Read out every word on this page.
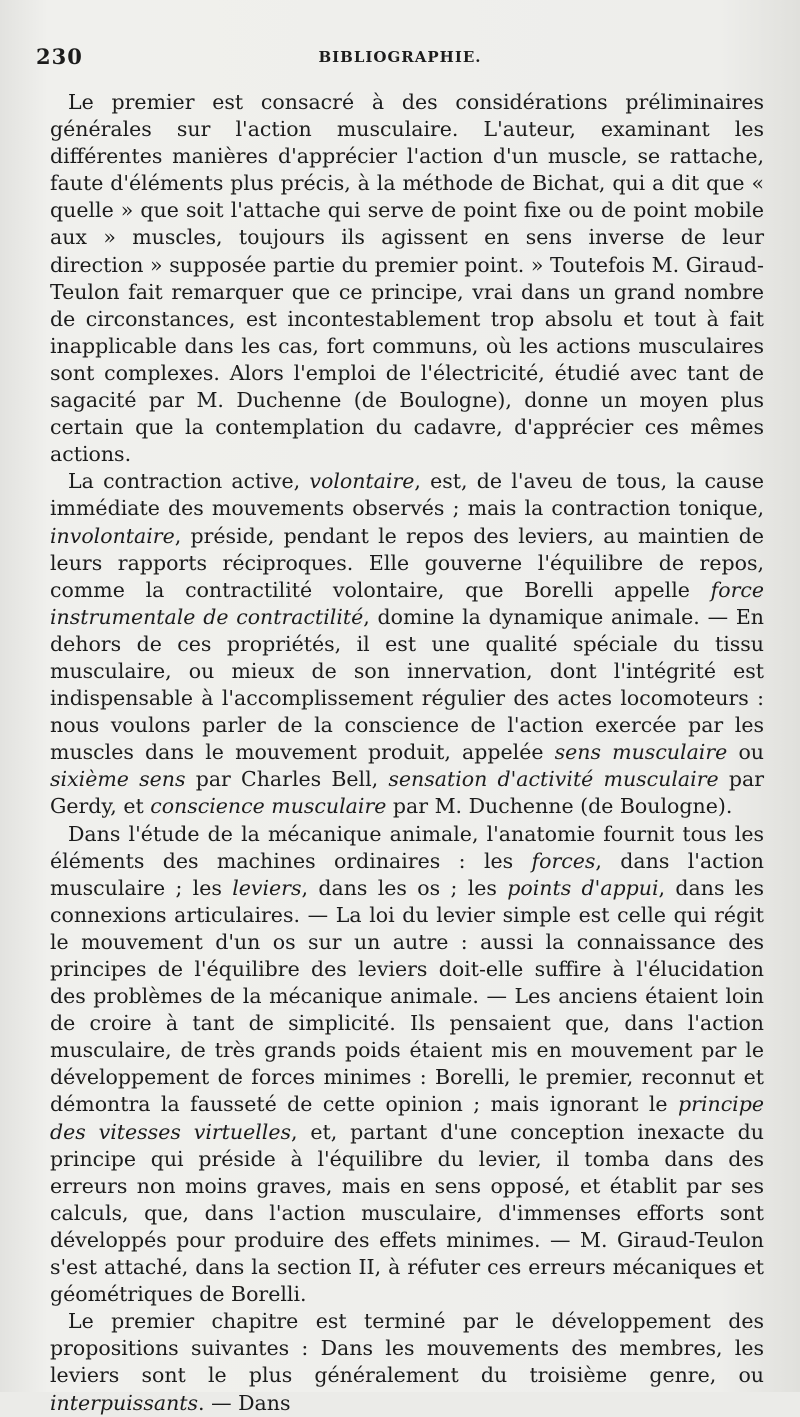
230	BIBLIOGRAPHIE.

Le premier est consacré à des considérations préliminaires générales sur l'action musculaire. L'auteur, examinant les différentes manières d'apprécier l'action d'un muscle, se rattache, faute d'éléments plus précis, à la méthode de Bichat, qui a dit que « quelle » que soit l'attache qui serve de point fixe ou de point mobile aux » muscles, toujours ils agissent en sens inverse de leur direction » supposée partie du premier point. » Toutefois M. Giraud-Teulon fait remarquer que ce principe, vrai dans un grand nombre de circonstances, est incontestablement trop absolu et tout à fait inapplicable dans les cas, fort communs, où les actions musculaires sont complexes. Alors l'emploi de l'électricité, étudié avec tant de sagacité par M. Duchenne (de Boulogne), donne un moyen plus certain que la contemplation du cadavre, d'apprécier ces mêmes actions.

La contraction active, volontaire, est, de l'aveu de tous, la cause immédiate des mouvements observés ; mais la contraction tonique, involontaire, préside, pendant le repos des leviers, au maintien de leurs rapports réciproques. Elle gouverne l'équilibre de repos, comme la contractilité volontaire, que Borelli appelle force instrumentale de contractilité, domine la dynamique animale. — En dehors de ces propriétés, il est une qualité spéciale du tissu musculaire, ou mieux de son innervation, dont l'intégrité est indispensable à l'accomplissement régulier des actes locomoteurs : nous voulons parler de la conscience de l'action exercée par les muscles dans le mouvement produit, appelée sens musculaire ou sixième sens par Charles Bell, sensation d'activité musculaire par Gerdy, et conscience musculaire par M. Duchenne (de Boulogne).

Dans l'étude de la mécanique animale, l'anatomie fournit tous les éléments des machines ordinaires : les forces, dans l'action musculaire ; les leviers, dans les os ; les points d'appui, dans les connexions articulaires. — La loi du levier simple est celle qui régit le mouvement d'un os sur un autre : aussi la connaissance des principes de l'équilibre des leviers doit-elle suffire à l'élucidation des problèmes de la mécanique animale. — Les anciens étaient loin de croire à tant de simplicité. Ils pensaient que, dans l'action musculaire, de très grands poids étaient mis en mouvement par le développement de forces minimes : Borelli, le premier, reconnut et démontra la fausseté de cette opinion ; mais ignorant le principe des vitesses virtuelles, et, partant d'une conception inexacte du principe qui préside à l'équilibre du levier, il tomba dans des erreurs non moins graves, mais en sens opposé, et établit par ses calculs, que, dans l'action musculaire, d'immenses efforts sont développés pour produire des effets minimes. — M. Giraud-Teulon s'est attaché, dans la section II, à réfuter ces erreurs mécaniques et géométriques de Borelli.

Le premier chapitre est terminé par le développement des propositions suivantes : Dans les mouvements des membres, les leviers sont le plus généralement du troisième genre, ou interpuissants. — Dans
